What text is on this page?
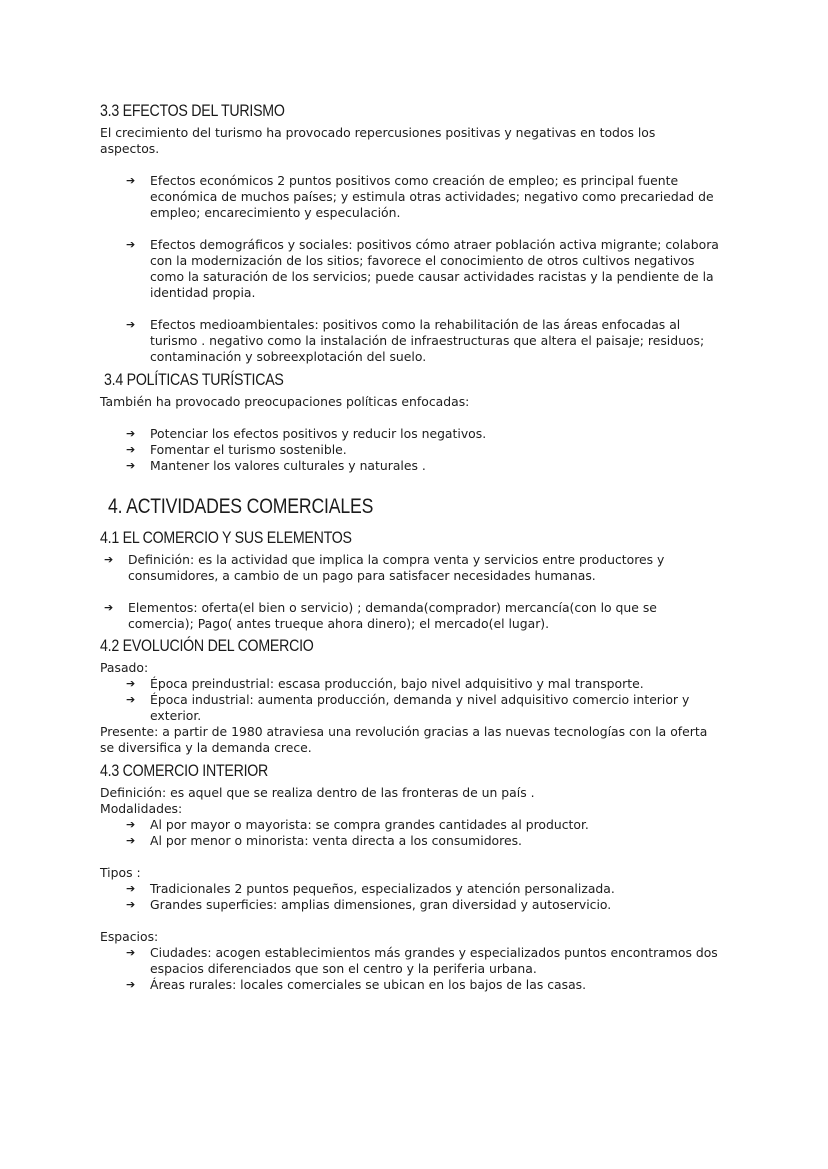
3.3 EFECTOS DEL TURISMO
El crecimiento del turismo ha provocado repercusiones positivas y negativas en todos los aspectos.
➔ Efectos económicos 2 puntos positivos como creación de empleo; es principal fuente económica de muchos países; y estimula otras actividades; negativo como precariedad de empleo; encarecimiento y especulación.
➔ Efectos demográficos y sociales: positivos cómo atraer población activa migrante; colabora con la modernización de los sitios; favorece el conocimiento de otros cultivos negativos como la saturación de los servicios; puede causar actividades racistas y la pendiente de la identidad propia.
➔ Efectos medioambientales: positivos como la rehabilitación de las áreas enfocadas al turismo . negativo como la instalación de infraestructuras que altera el paisaje; residuos; contaminación y sobreexplotación del suelo.
3.4 POLÍTICAS TURÍSTICAS
También ha provocado preocupaciones políticas enfocadas:
➔ Potenciar los efectos positivos y reducir los negativos.
➔ Fomentar el turismo sostenible.
➔ Mantener los valores culturales y naturales .
4. ACTIVIDADES COMERCIALES
4.1 EL COMERCIO Y SUS ELEMENTOS
➔ Definición: es la actividad que implica la compra venta y servicios entre productores y consumidores, a cambio de un pago para satisfacer necesidades humanas.
➔ Elementos: oferta(el bien o servicio) ; demanda(comprador) mercancía(con lo que se comercia); Pago( antes trueque ahora dinero); el mercado(el lugar).
4.2 EVOLUCIÓN DEL COMERCIO
Pasado:
➔ Época preindustrial: escasa producción, bajo nivel adquisitivo y mal transporte.
➔ Época industrial: aumenta producción, demanda y nivel adquisitivo comercio interior y exterior.
Presente: a partir de 1980 atraviesa una revolución gracias a las nuevas tecnologías con la oferta se diversifica y la demanda crece.
4.3 COMERCIO INTERIOR
Definición: es aquel que se realiza dentro de las fronteras de un país .
Modalidades:
➔ Al por mayor o mayorista: se compra grandes cantidades al productor.
➔ Al por menor o minorista: venta directa a los consumidores.
Tipos :
➔ Tradicionales 2 puntos pequeños, especializados y atención personalizada.
➔ Grandes superficies: amplias dimensiones, gran diversidad y autoservicio.
Espacios:
➔ Ciudades: acogen establecimientos más grandes y especializados puntos encontramos dos espacios diferenciados que son el centro y la periferia urbana.
➔ Áreas rurales: locales comerciales se ubican en los bajos de las casas.
